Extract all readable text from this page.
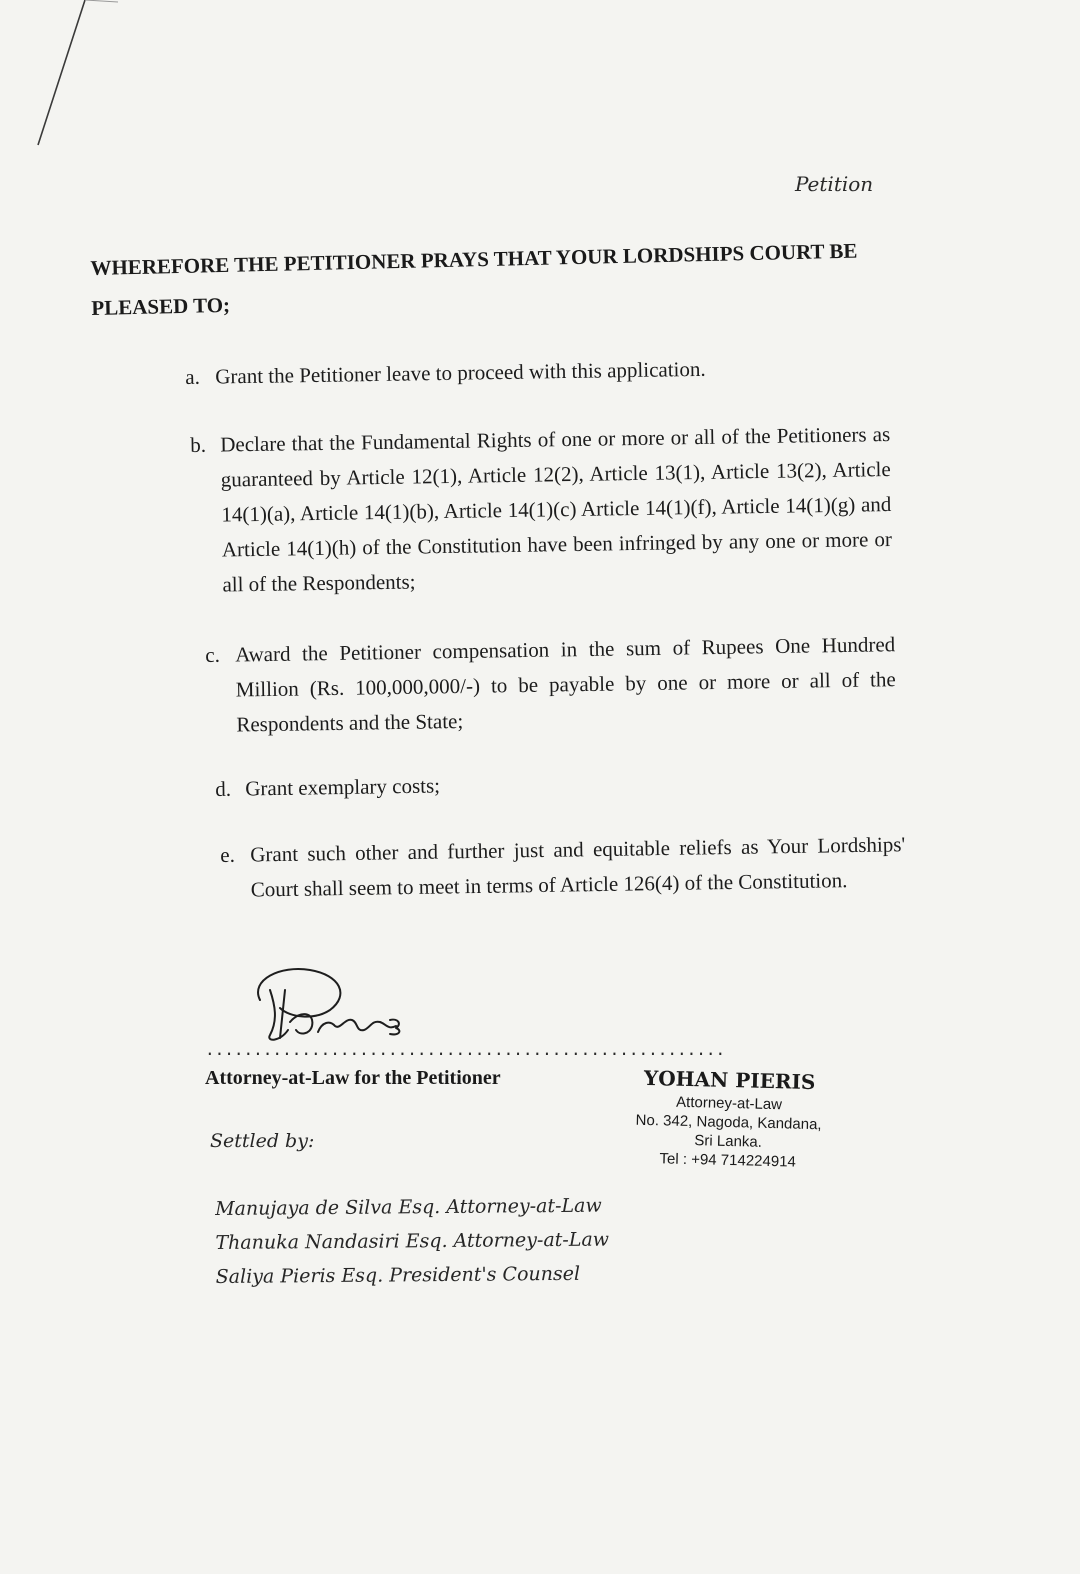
Petition
WHEREFORE THE PETITIONER PRAYS THAT YOUR LORDSHIPS COURT BE PLEASED TO;
a. Grant the Petitioner leave to proceed with this application.
b. Declare that the Fundamental Rights of one or more or all of the Petitioners as guaranteed by Article 12(1), Article 12(2), Article 13(1), Article 13(2), Article 14(1)(a), Article 14(1)(b), Article 14(1)(c) Article 14(1)(f), Article 14(1)(g) and Article 14(1)(h) of the Constitution have been infringed by any one or more or all of the Respondents;
c. Award the Petitioner compensation in the sum of Rupees One Hundred Million (Rs. 100,000,000/-) to be payable by one or more or all of the Respondents and the State;
d. Grant exemplary costs;
e. Grant such other and further just and equitable reliefs as Your Lordships' Court shall seem to meet in terms of Article 126(4) of the Constitution.
......................................................
Attorney-at-Law for the Petitioner	YOHAN PIERIS
Attorney-at-Law
No. 342, Nagoda, Kandana,
Sri Lanka.
Tel : +94 714224914
Settled by:
Manujaya de Silva Esq. Attorney-at-Law
Thanuka Nandasiri Esq. Attorney-at-Law
Saliya Pieris Esq. President's Counsel
